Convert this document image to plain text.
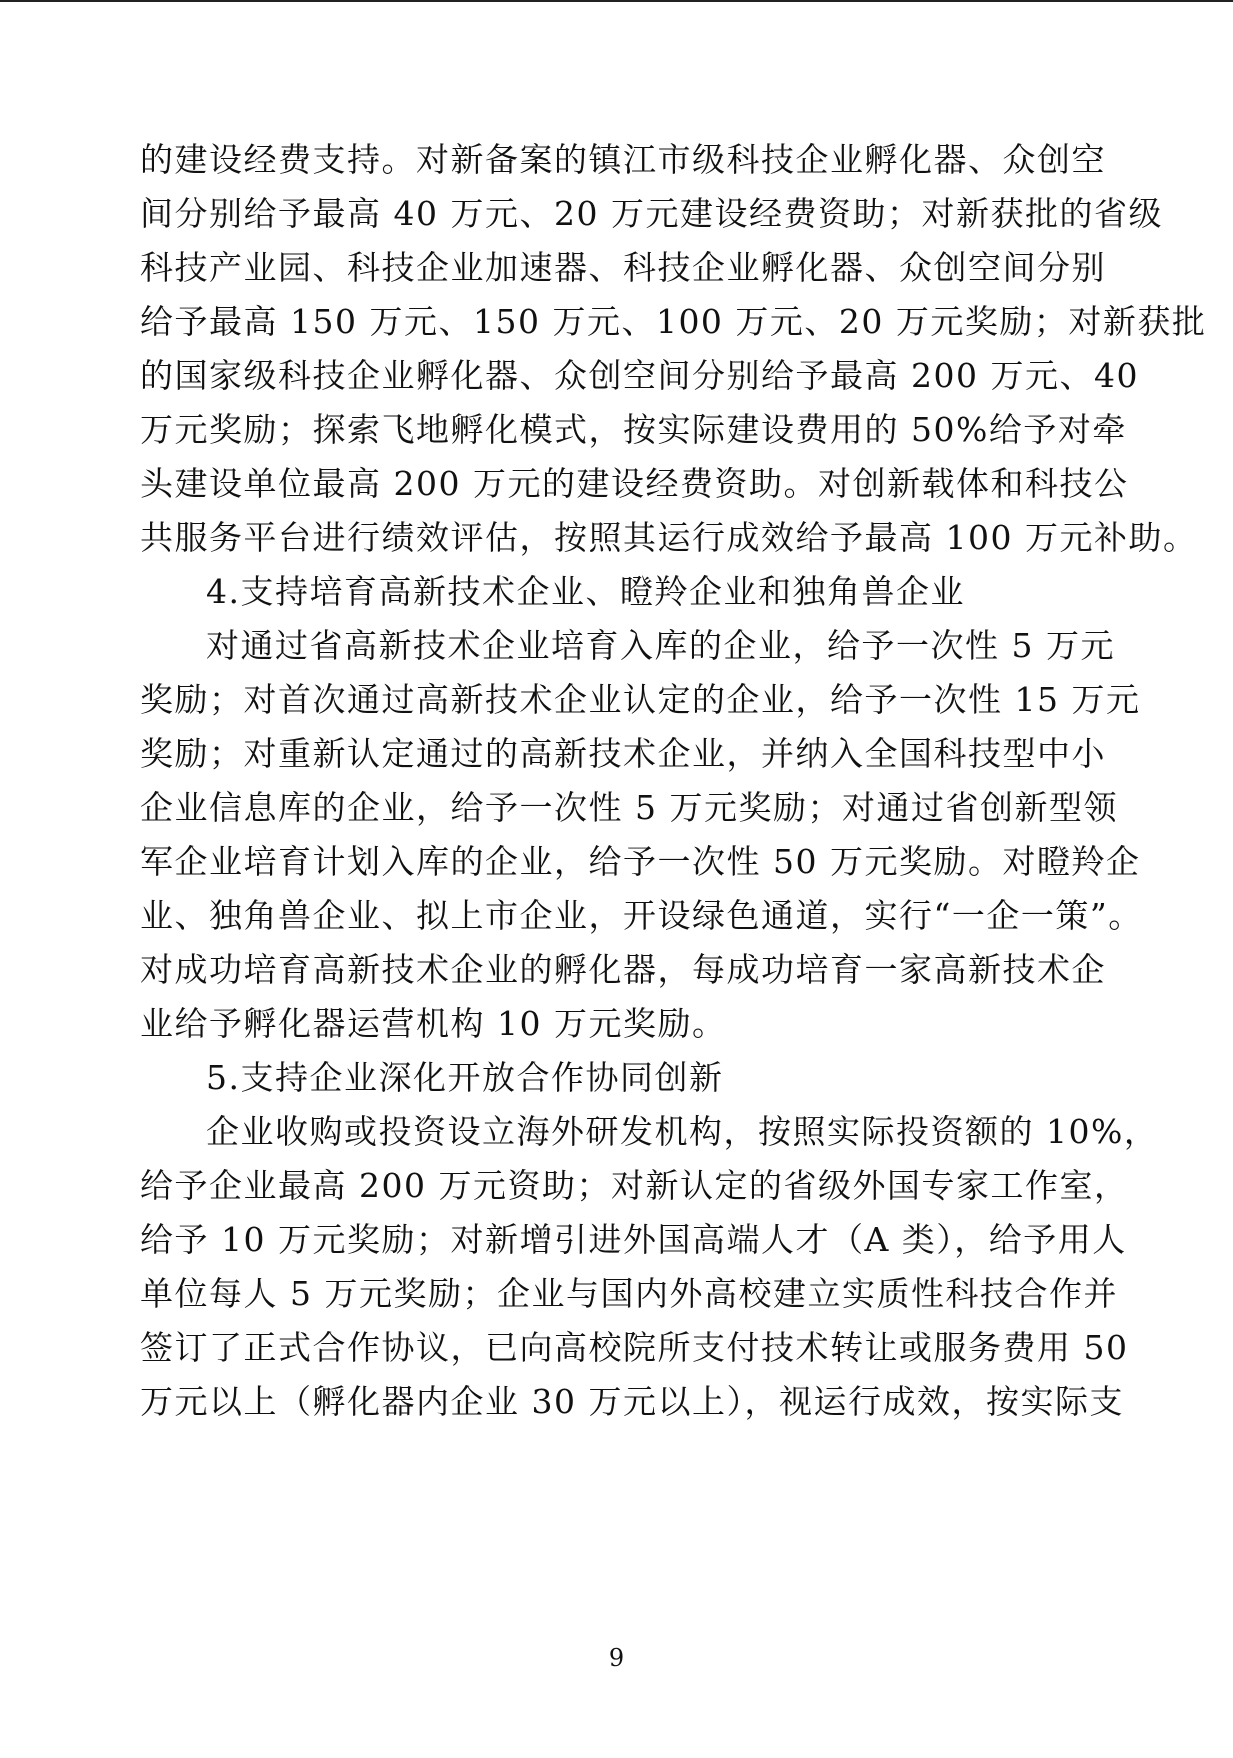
的建设经费支持。对新备案的镇江市级科技企业孵化器、众创空
间分别给予最高 40 万元、20 万元建设经费资助；对新获批的省级
科技产业园、科技企业加速器、科技企业孵化器、众创空间分别
给予最高 150 万元、150 万元、100 万元、20 万元奖励；对新获批
的国家级科技企业孵化器、众创空间分别给予最高 200 万元、40
万元奖励；探索飞地孵化模式，按实际建设费用的 50%给予对牵
头建设单位最高 200 万元的建设经费资助。对创新载体和科技公
共服务平台进行绩效评估，按照其运行成效给予最高 100 万元补助。
4.支持培育高新技术企业、瞪羚企业和独角兽企业
对通过省高新技术企业培育入库的企业，给予一次性 5 万元
奖励；对首次通过高新技术企业认定的企业，给予一次性 15 万元
奖励；对重新认定通过的高新技术企业，并纳入全国科技型中小
企业信息库的企业，给予一次性 5 万元奖励；对通过省创新型领
军企业培育计划入库的企业，给予一次性 50 万元奖励。对瞪羚企
业、独角兽企业、拟上市企业，开设绿色通道，实行“一企一策”。
对成功培育高新技术企业的孵化器，每成功培育一家高新技术企
业给予孵化器运营机构 10 万元奖励。
5.支持企业深化开放合作协同创新
企业收购或投资设立海外研发机构，按照实际投资额的 10%，
给予企业最高 200 万元资助；对新认定的省级外国专家工作室，
给予 10 万元奖励；对新增引进外国高端人才（A 类），给予用人
单位每人 5 万元奖励；企业与国内外高校建立实质性科技合作并
签订了正式合作协议，已向高校院所支付技术转让或服务费用 50
万元以上（孵化器内企业 30 万元以上），视运行成效，按实际支
9
